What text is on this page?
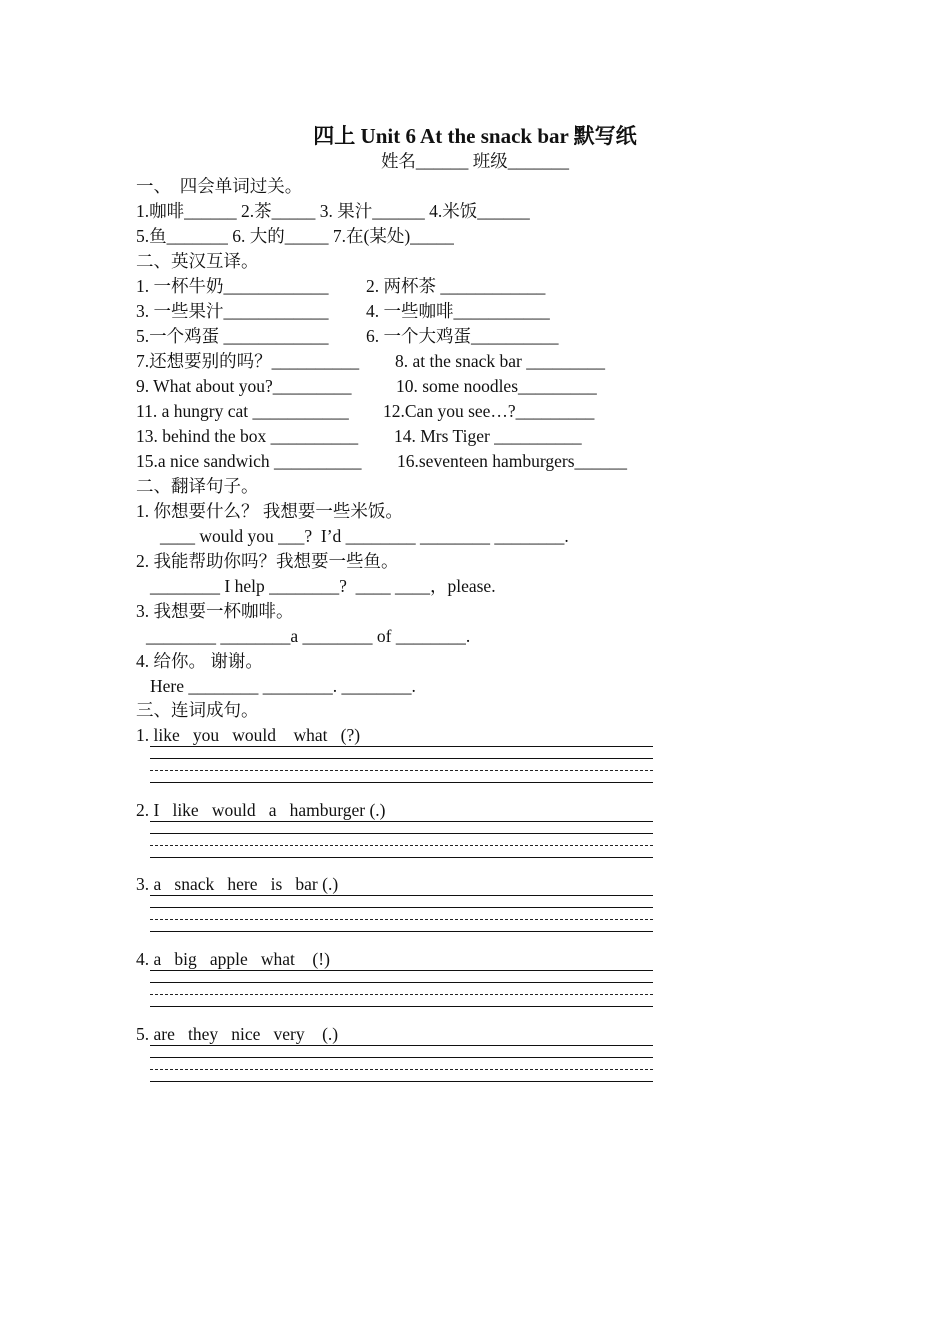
四上 Unit 6 At the snack bar 默写纸
姓名______ 班级_______
一、  四会单词过关。
1.咖啡______ 2.茶_____ 3. 果汁______ 4.米饭______
5.鱼_______ 6. 大的_____ 7.在(某处)_____
二、英汉互译。
1. 一杯牛奶____________ 2. 两杯茶 ____________
3. 一些果汁____________ 4. 一些咖啡___________
5.一个鸡蛋 ____________ 6. 一个大鸡蛋__________
7.还想要别的吗？__________ 8. at the snack bar _________
9. What about you?_________	10. some noodles_________
11. a hungry cat ___________ 12.Can you see…?_________
13. behind the box __________ 14. Mrs Tiger __________
15.a nice sandwich __________ 16.seventeen hamburgers______
二、翻译句子。
1. 你想要什么？ 我想要一些米饭。
____ would you ___?  I’d ________ ________ ________.
2. 我能帮助你吗？我想要一些鱼。
________ I help ________?  ____ ____，please.
3. 我想要一杯咖啡。
________ ________a ________ of ________.
4. 给你。 谢谢。
Here ________ ________. ________.
三、连词成句。
1. like   you   would    what   (?)
2. I   like   would   a   hamburger (.)
3. a   snack   here   is   bar (.)
4. a   big   apple   what    (!)
5. are   they   nice   very    (.)
